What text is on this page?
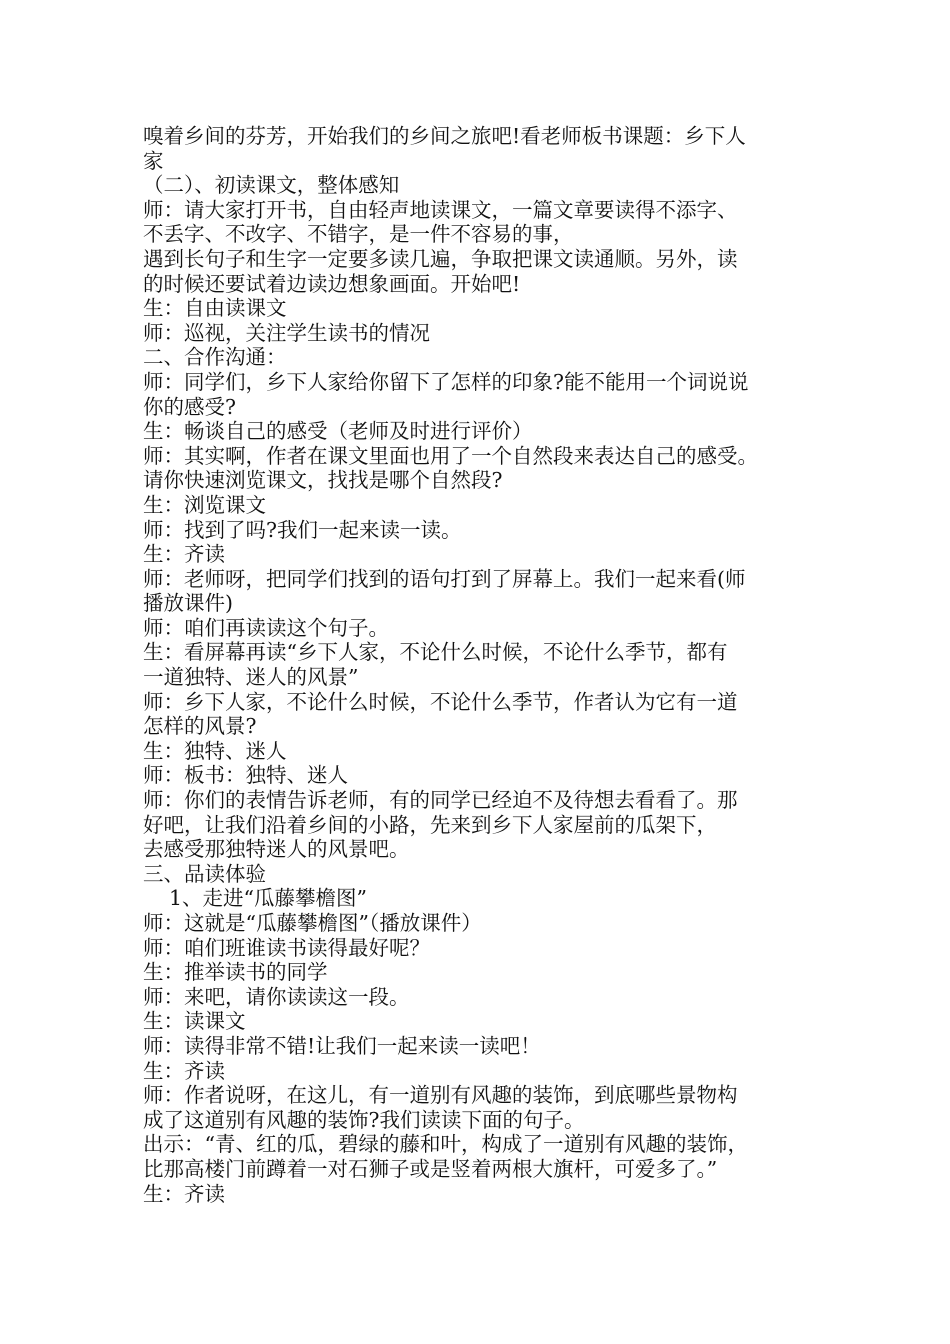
嗅着乡间的芬芳，开始我们的乡间之旅吧!看老师板书课题：乡下人
家
（二）、初读课文，整体感知
师：请大家打开书，自由轻声地读课文，一篇文章要读得不添字、
不丢字、不改字、不错字，是一件不容易的事，
遇到长句子和生字一定要多读几遍，争取把课文读通顺。另外，读
的时候还要试着边读边想象画面。开始吧!
生：自由读课文
师：巡视，关注学生读书的情况
二、合作沟通：
师：同学们，乡下人家给你留下了怎样的印象?能不能用一个词说说
你的感受?
生：畅谈自己的感受（老师及时进行评价）
师：其实啊，作者在课文里面也用了一个自然段来表达自己的感受。
请你快速浏览课文，找找是哪个自然段?
生：浏览课文
师：找到了吗?我们一起来读一读。
生：齐读
师：老师呀，把同学们找到的语句打到了屏幕上。我们一起来看(师
播放课件)
师：咱们再读读这个句子。
生：看屏幕再读“乡下人家，不论什么时候，不论什么季节，都有
一道独特、迷人的风景”
师：乡下人家，不论什么时候，不论什么季节，作者认为它有一道
怎样的风景?
生：独特、迷人
师：板书：独特、迷人
师：你们的表情告诉老师，有的同学已经迫不及待想去看看了。那
好吧，让我们沿着乡间的小路，先来到乡下人家屋前的瓜架下，
去感受那独特迷人的风景吧。
三、品读体验
1、走进“瓜藤攀檐图”
师：这就是“瓜藤攀檐图”（播放课件）
师：咱们班谁读书读得最好呢？
生：推举读书的同学
师：来吧，请你读读这一段。
生：读课文
师：读得非常不错!让我们一起来读一读吧！
生：齐读
师：作者说呀，在这儿，有一道别有风趣的装饰，到底哪些景物构
成了这道别有风趣的装饰?我们读读下面的句子。
出示：“青、红的瓜，碧绿的藤和叶，构成了一道别有风趣的装饰，
比那高楼门前蹲着一对石狮子或是竖着两根大旗杆，可爱多了。”
生：齐读
